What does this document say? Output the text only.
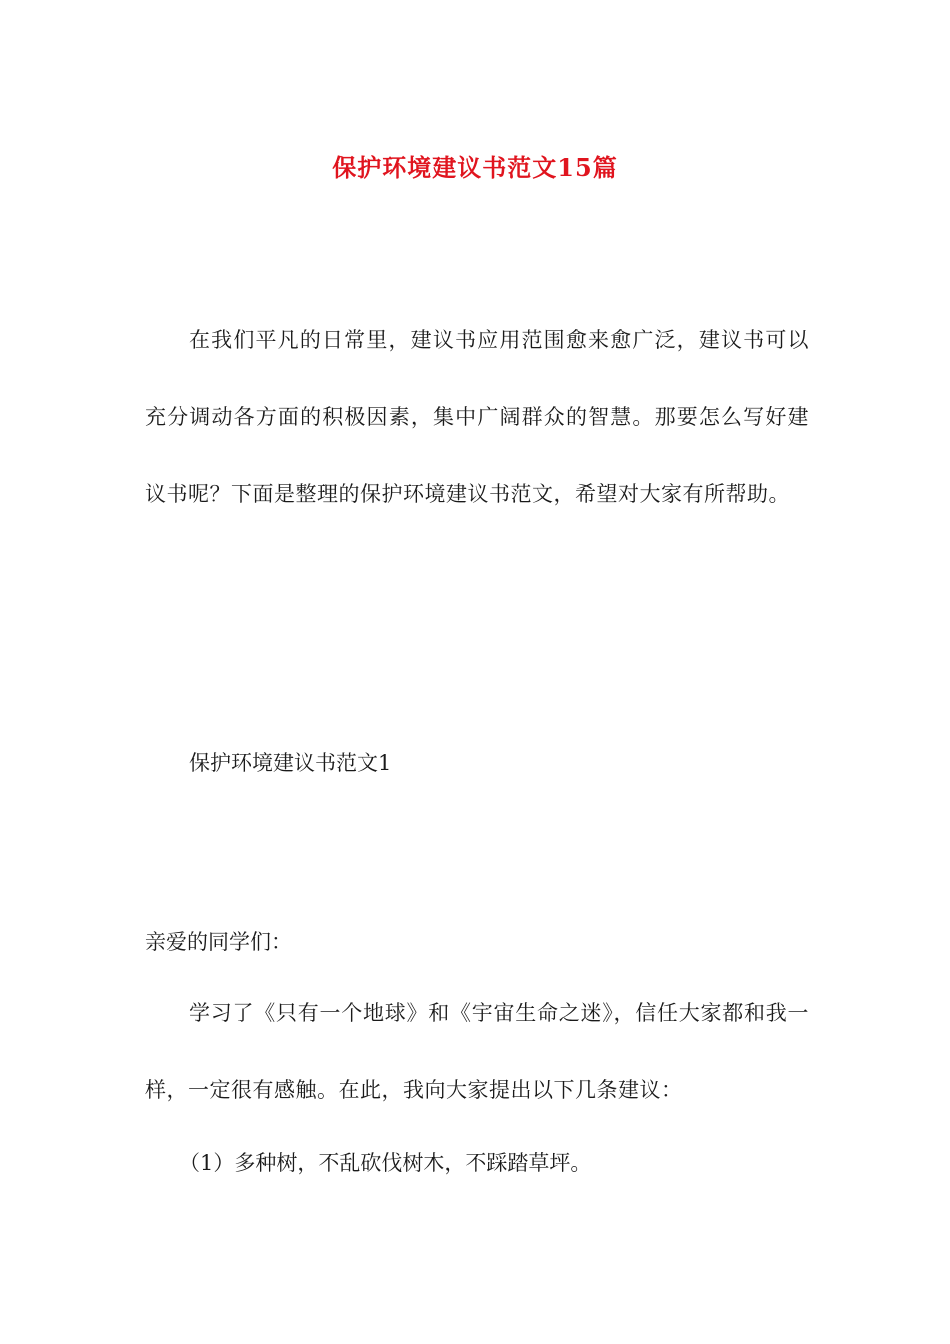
保护环境建议书范文15篇

在我们平凡的日常里，建议书应用范围愈来愈广泛，建议书可以充分调动各方面的积极因素，集中广阔群众的智慧。那要怎么写好建议书呢？下面是整理的保护环境建议书范文，希望对大家有所帮助。

保护环境建议书范文1

亲爱的同学们：

学习了《只有一个地球》和《宇宙生命之迷》，信任大家都和我一样，一定很有感触。在此，我向大家提出以下几条建议：

（1）多种树，不乱砍伐树木，不踩踏草坪。
